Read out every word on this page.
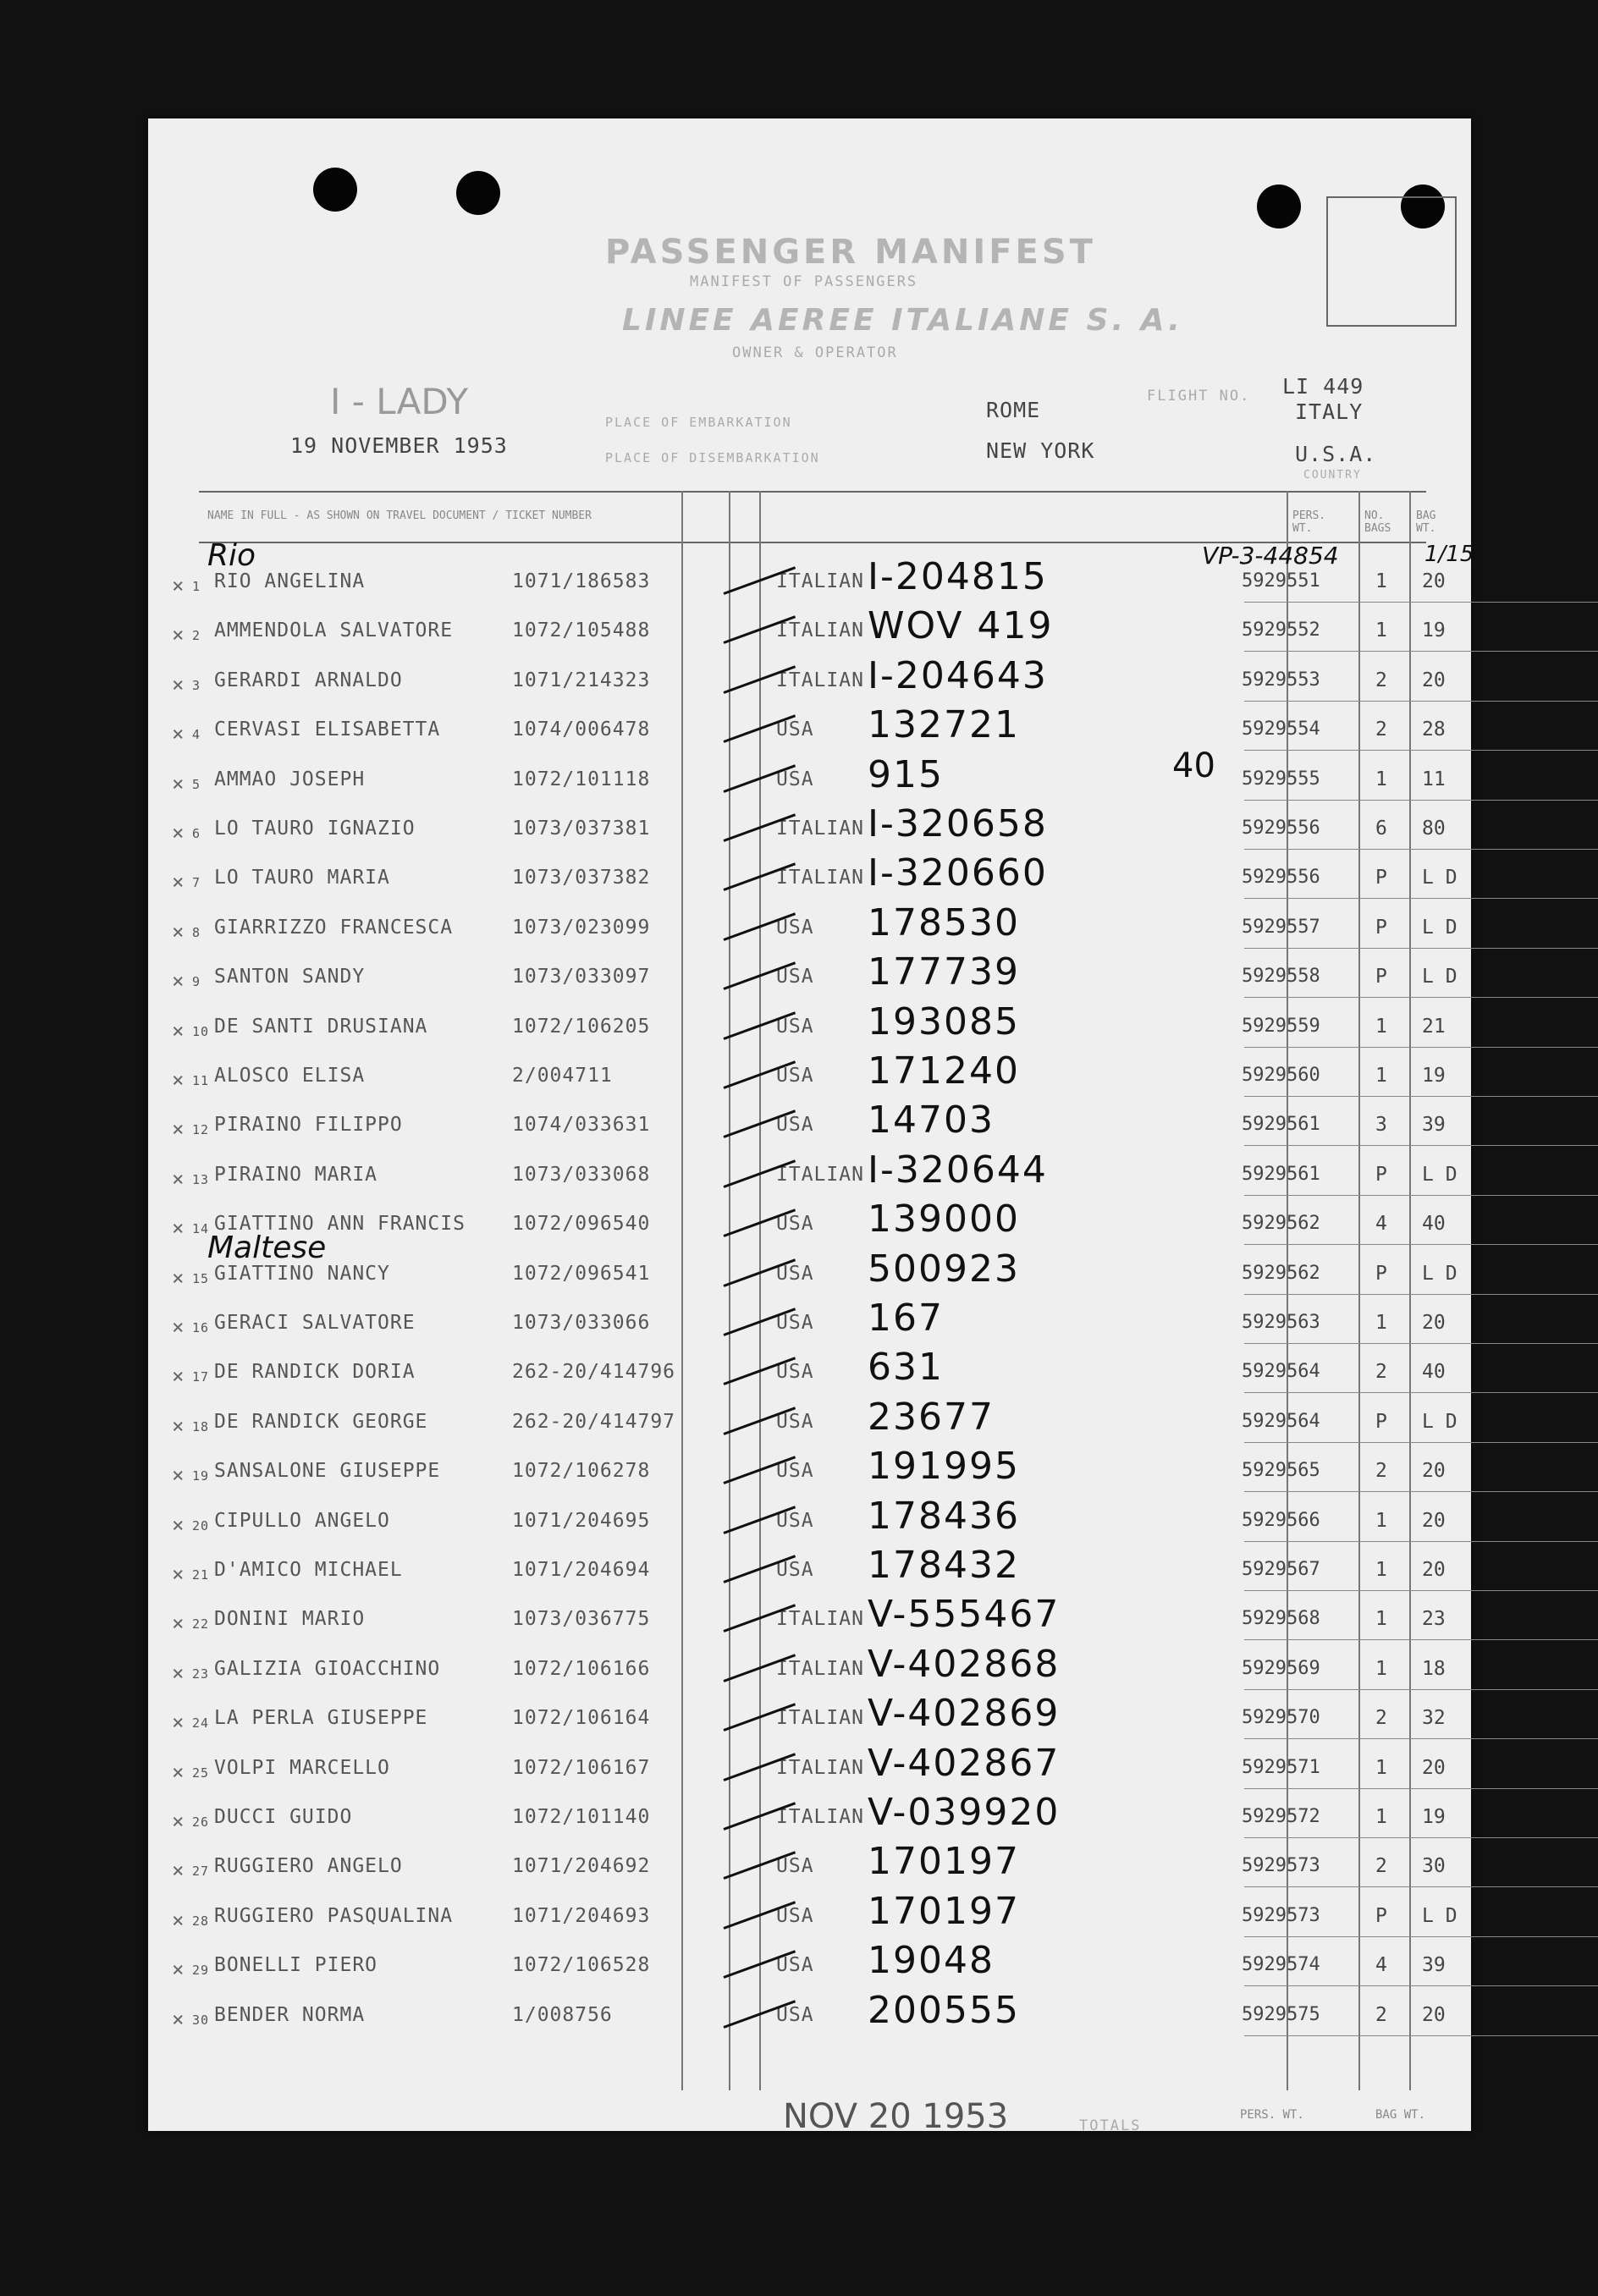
PASSENGER MANIFEST
MANIFEST OF PASSENGERS
LINEE AEREE ITALIANE S. A.
OWNER & OPERATOR
FLIGHT NO. LI 449
ITALY
U.S.A.
COUNTRY
I - LADY
19 NOVEMBER 1953
PLACE OF EMBARKATION
PLACE OF DISEMBARKATION
ROME
NEW YORK
NAME IN FULL - AS SHOWN ON TRAVEL DOCUMENT / TICKET NUMBER	PERS. WT.
NO. BAGS
BAG WT.
VP-3-44854	1/15/54
40
× 1 RIO ANGELINA	1071/186583	ITALIAN I-204815	5929551	1 20
Rio
× 2 AMMENDOLA SALVATORE	1072/105488	ITALIAN WOV 419	5929552	1 19
× 3 GERARDI ARNALDO	1071/214323	ITALIAN I-204643	5929553	2 20
× 4 CERVASI ELISABETTA	1074/006478	USA 132721	5929554	2 28
× 5 AMMAO JOSEPH	1072/101118	USA 915	5929555	1 11
× 6 LO TAURO IGNAZIO	1073/037381	ITALIAN I-320658	5929556	6 80
× 7 LO TAURO MARIA	1073/037382	ITALIAN I-320660	5929556	P L D
× 8 GIARRIZZO FRANCESCA	1073/023099	USA 178530	5929557	P L D
× 9 SANTON SANDY	1073/033097	USA 177739	5929558	P L D
× 10 DE SANTI DRUSIANA	1072/106205	USA 193085	5929559	1 21
× 11 ALOSCO ELISA	2/004711	USA 171240	5929560	1 19
× 12 PIRAINO FILIPPO	1074/033631	USA 14703	5929561	3 39
× 13 PIRAINO MARIA	1073/033068	ITALIAN I-320644	5929561	P L D
× 14 GIATTINO ANN FRANCIS 1072/096540	USA 139000	5929562	4 40
× 15 GIATTINO NANCY	1072/096541	USA 500923	5929562	P L D
Maltese
× 16 GERACI SALVATORE	1073/033066	USA 167	5929563	1 20
× 17 DE RANDICK DORIA	262-20/414796	USA 631	5929564	2 40
× 18 DE RANDICK GEORGE	262-20/414797	USA 23677	5929564	P L D
× 19 SANSALONE GIUSEPPE	1072/106278	USA 191995	5929565	2 20
× 20 CIPULLO ANGELO	1071/204695	USA 178436	5929566	1 20
× 21 D'AMICO MICHAEL	1071/204694	USA 178432	5929567	1 20
× 22 DONINI MARIO	1073/036775	ITALIAN V-555467	5929568	1 23
× 23 GALIZIA GIOACCHINO	1072/106166	ITALIAN V-402868	5929569	1 18
× 24 LA PERLA GIUSEPPE	1072/106164	ITALIAN V-402869	5929570	2 32
× 25 VOLPI MARCELLO	1072/106167	ITALIAN V-402867	5929571	1 20
× 26 DUCCI GUIDO	1072/101140	ITALIAN V-039920	5929572	1 19
× 27 RUGGIERO ANGELO	1071/204692	USA 170197	5929573	2 30
× 28 RUGGIERO PASQUALINA	1071/204693	USA 170197	5929573	P L D
× 29 BONELLI PIERO	1072/106528	USA 19048	5929574	4 39
× 30 BENDER NORMA	1/008756	USA 200555	5929575	2 20
NOV 20 1953	TOTALS
PERS. WT.	BAG WT.
